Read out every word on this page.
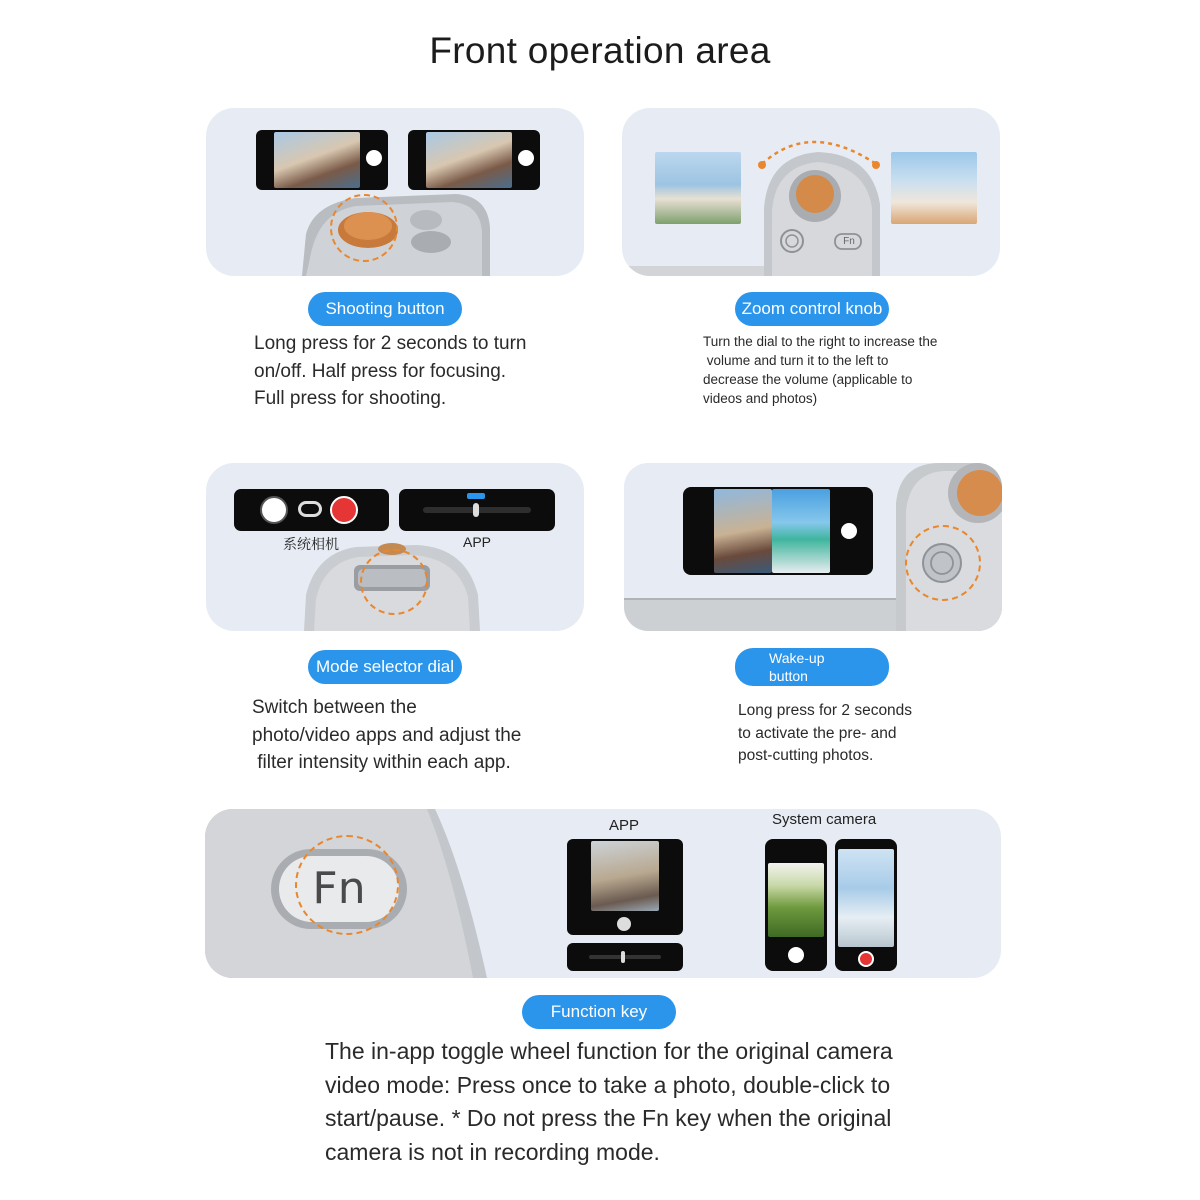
Front operation area
Shooting button
Long press for 2 seconds to turn
on/off. Half press for focusing.
Full press for shooting.
Fn
Zoom control knob
Turn the dial to the right to increase the
volume and turn it to the left to
decrease the volume (applicable to
videos and photos)
系统相机	APP
Mode selector dial
Switch between the
photo/video apps and adjust the
filter intensity within each app.
Wake-up
button
Long press for 2 seconds
to activate the pre- and
post-cutting photos.
Fn
APP	System camera
Function key
The in-app toggle wheel function for the original camera
video mode: Press once to take a photo, double-click to
start/pause. * Do not press the Fn key when the original
camera is not in recording mode.
